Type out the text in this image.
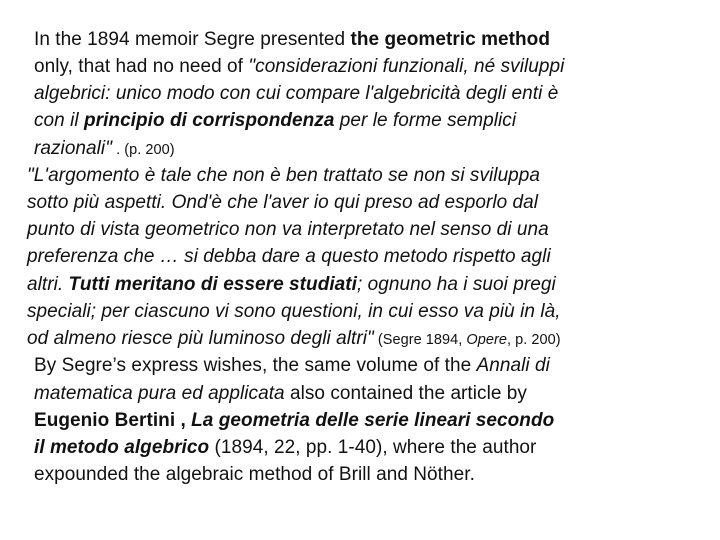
In the 1894 memoir Segre presented the geometric method
only, that had no need of "considerazioni funzionali, né sviluppi
algebrici: unico modo con cui compare l'algebricità degli enti è
con il principio di corrispondenza per le forme semplici
razionali" . (p. 200)
"L'argomento è tale che non è ben trattato se non si sviluppa
sotto più aspetti. Ond'è che l'aver io qui preso ad esporlo dal
punto di vista geometrico non va interpretato nel senso di una
preferenza che … si debba dare a questo metodo rispetto agli
altri. Tutti meritano di essere studiati; ognuno ha i suoi pregi
speciali; per ciascuno vi sono questioni, in cui esso va più in là,
od almeno riesce più luminoso degli altri" (Segre 1894, Opere, p. 200)
By Segre’s express wishes, the same volume of the Annali di
matematica pura ed applicata also contained the article by
Eugenio Bertini , La geometria delle serie lineari secondo
il metodo algebrico (1894, 22, pp. 1-40), where the author
expounded the algebraic method of Brill and Nöther.
